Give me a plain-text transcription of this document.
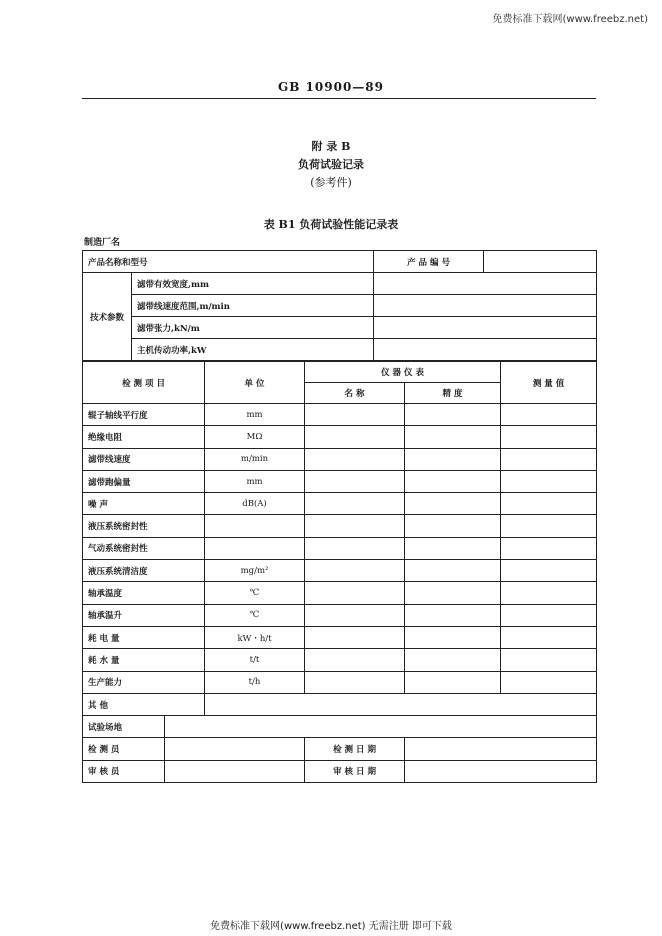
免费标准下载网(www.freebz.net)
GB 10900—89
附 录 B
负荷试验记录
(参考件)
表 B1 负荷试验性能记录表
制造厂名
产品名称和型号		产 品 编 号	
技术参数	滤带有效宽度,mm		
	滤带线速度范围,m/min		
	滤带张力,kN/m		
	主机传动功率,kW		
检 测 项 目		单 位	仪 器 仪 表		测 量 值
			名 称	精 度	
辊子轴线平行度		mm			
绝缘电阻		MΩ			
滤带线速度		m/min			
滤带跑偏量		mm			
噪 声		dB(A)			
液压系统密封性					
气动系统密封性					
液压系统清洁度		mg/m²			
轴承温度		℃			
轴承温升		℃			
耗 电 量		kW・h/t			
耗 水 量		t/t			
生产能力		t/h			
其 他					
试验场地					
检 测 员			检 测 日 期		
审 核 员			审 核 日 期		
免费标准下载网(www.freebz.net) 无需注册 即可下载
